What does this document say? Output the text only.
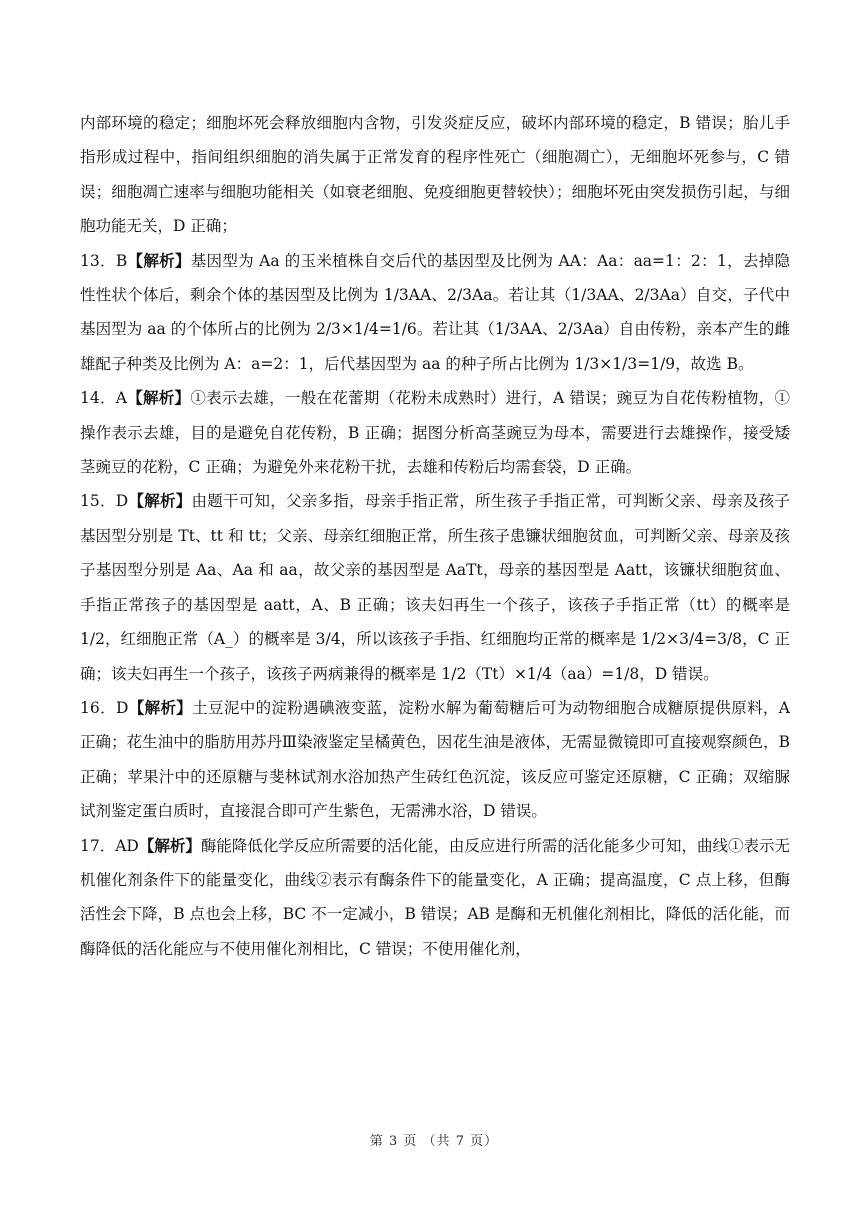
内部环境的稳定；细胞坏死会释放细胞内含物，引发炎症反应，破坏内部环境的稳定，B 错误；胎儿手指形成过程中，指间组织细胞的消失属于正常发育的程序性死亡（细胞凋亡），无细胞坏死参与，C 错误；细胞凋亡速率与细胞功能相关（如衰老细胞、免疫细胞更替较快）；细胞坏死由突发损伤引起，与细胞功能无关，D 正确；

13．B【解析】基因型为 Aa 的玉米植株自交后代的基因型及比例为 AA：Aa：aa=1：2：1，去掉隐性性状个体后，剩余个体的基因型及比例为 1/3AA、2/3Aa。若让其（1/3AA、2/3Aa）自交，子代中基因型为 aa 的个体所占的比例为 2/3×1/4=1/6。若让其（1/3AA、2/3Aa）自由传粉，亲本产生的雌雄配子种类及比例为 A：a=2：1，后代基因型为 aa 的种子所占比例为 1/3×1/3=1/9，故选 B。

14．A【解析】①表示去雄，一般在花蕾期（花粉未成熟时）进行，A 错误；豌豆为自花传粉植物，①操作表示去雄，目的是避免自花传粉，B 正确；据图分析高茎豌豆为母本，需要进行去雄操作，接受矮茎豌豆的花粉，C 正确；为避免外来花粉干扰，去雄和传粉后均需套袋，D 正确。

15．D【解析】由题干可知，父亲多指，母亲手指正常，所生孩子手指正常，可判断父亲、母亲及孩子基因型分别是 Tt、tt 和 tt；父亲、母亲红细胞正常，所生孩子患镰状细胞贫血，可判断父亲、母亲及孩子基因型分别是 Aa、Aa 和 aa，故父亲的基因型是 AaTt，母亲的基因型是 Aatt，该镰状细胞贫血、手指正常孩子的基因型是 aatt，A、B 正确；该夫妇再生一个孩子，该孩子手指正常（tt）的概率是 1/2，红细胞正常（A_）的概率是 3/4，所以该孩子手指、红细胞均正常的概率是 1/2×3/4=3/8，C 正确；该夫妇再生一个孩子，该孩子两病兼得的概率是 1/2（Tt）×1/4（aa）=1/8，D 错误。

16．D【解析】土豆泥中的淀粉遇碘液变蓝，淀粉水解为葡萄糖后可为动物细胞合成糖原提供原料，A 正确；花生油中的脂肪用苏丹Ⅲ染液鉴定呈橘黄色，因花生油是液体，无需显微镜即可直接观察颜色，B 正确；苹果汁中的还原糖与斐林试剂水浴加热产生砖红色沉淀，该反应可鉴定还原糖，C 正确；双缩脲试剂鉴定蛋白质时，直接混合即可产生紫色，无需沸水浴，D 错误。

17．AD【解析】酶能降低化学反应所需要的活化能，由反应进行所需的活化能多少可知，曲线①表示无机催化剂条件下的能量变化，曲线②表示有酶条件下的能量变化，A 正确；提高温度，C 点上移，但酶活性会下降，B 点也会上移，BC 不一定减小，B 错误；AB 是酶和无机催化剂相比，降低的活化能，而酶降低的活化能应与不使用催化剂相比，C 错误；不使用催化剂，

第 3 页 （共 7 页）
